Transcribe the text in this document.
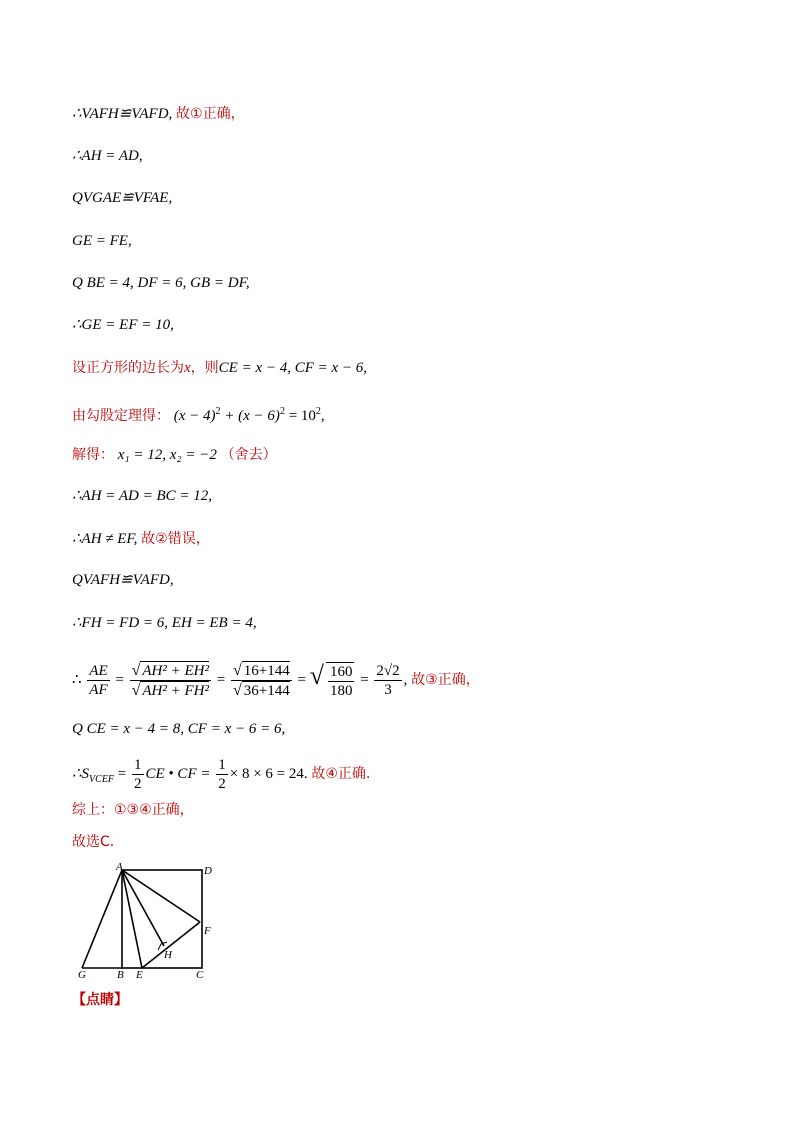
∴VAFH≌VAFD, 故①正确，
∴AH = AD,
QVGAE≌VFAE,
GE = FE,
Q BE = 4, DF = 6, GB = DF,
∴GE = EF = 10,
设正方形的边长为x，则CE = x − 4, CF = x − 6,
由勾股定理得： $(x - 4)^2 + (x - 6)^2 = 10^2$,
解得： x₁ = 12, x₂ = −2 （舍去）
∴AH = AD = BC = 12,
∴AH ≠ EF, 故②错误，
QVAFH≌VAFD,
∴FH = FD = 6, EH = EB = 4,
∴ $\frac{AE}{AF} = \frac{\text{√ AH² + EH²}}{\text{√ AH² + FH²}} = \frac{√ 16+144}{√ 36+144}$ = √ $\frac{160}{180} = \frac{2√2}{3}$ , 故③正确，
Q CE = x − 4 = 8, CF = x − 6 = 6,
$\therefore S_{VCEF} = \frac{1}{2}$ CE • CF = $\frac{1}{2} \times 8 \times 6 = 24$. 故④正确.
综上：①③④正确，
故选C.
A	D
F
H
G	B E	C
【点睛】
